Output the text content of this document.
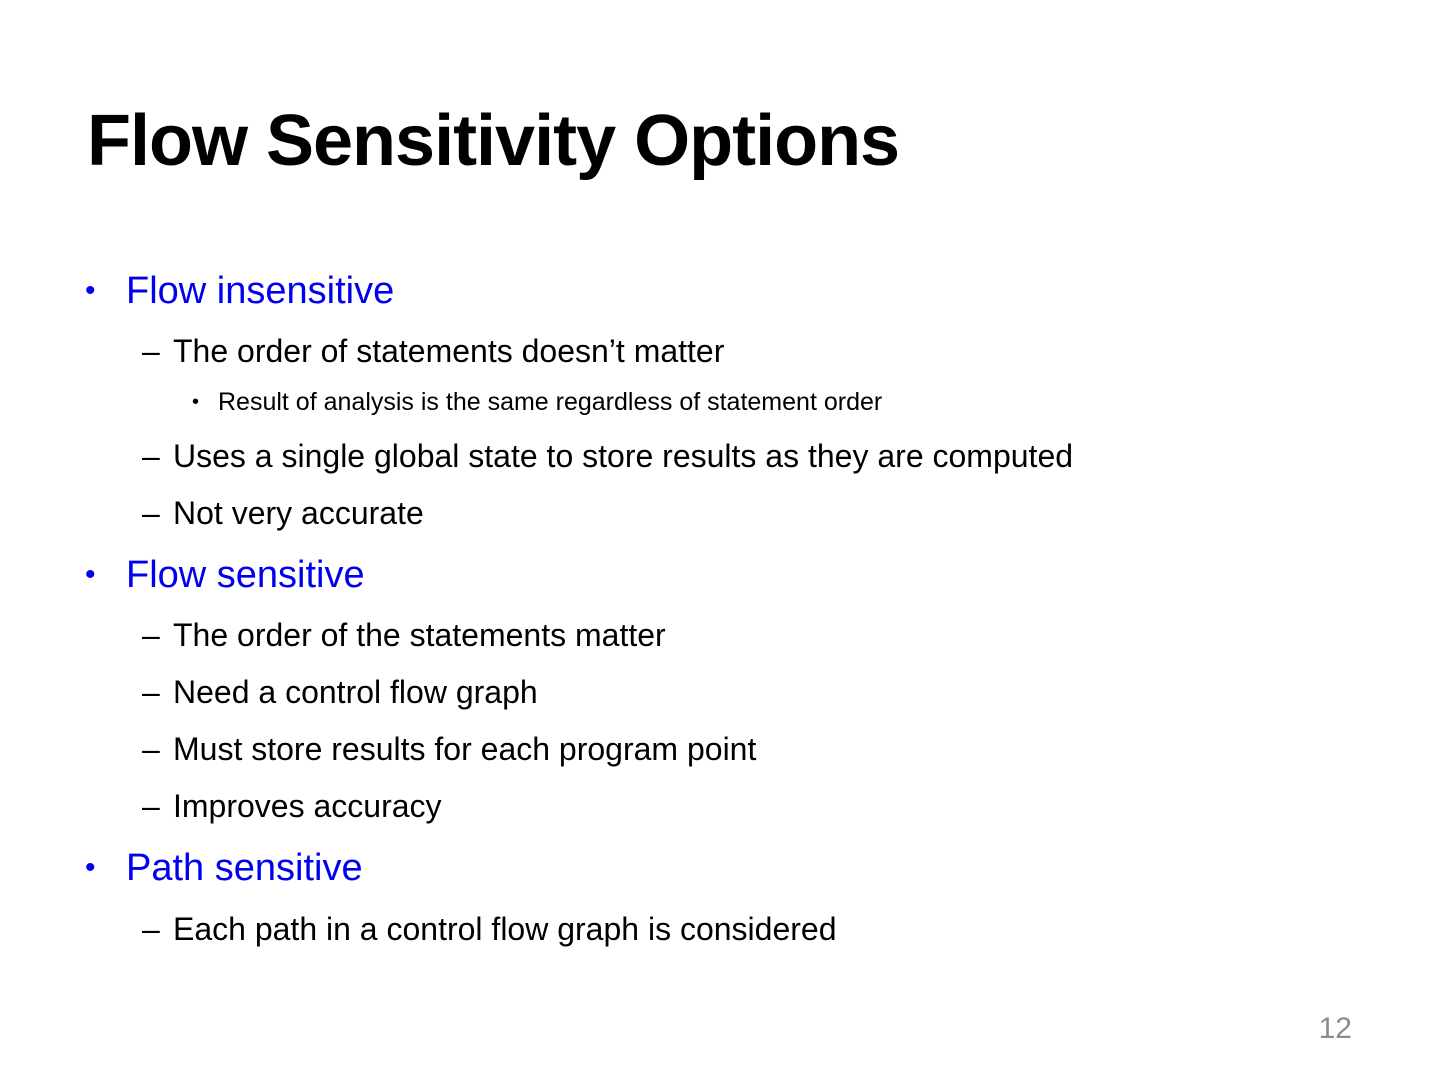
Flow Sensitivity Options
• Flow insensitive
– The order of statements doesn’t matter
• Result of analysis is the same regardless of statement order
– Uses a single global state to store results as they are computed
– Not very accurate
• Flow sensitive
– The order of the statements matter
– Need a control flow graph
– Must store results for each program point
– Improves accuracy
• Path sensitive
– Each path in a control flow graph is considered
12
